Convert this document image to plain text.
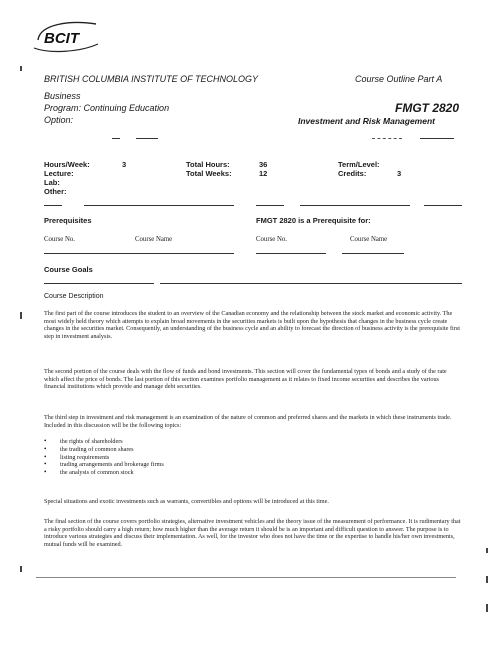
BCIT
BRITISH COLUMBIA INSTITUTE OF TECHNOLOGY	Course Outline Part A
Business
Program: Continuing Education
Option:
FMGT 2820
Investment and Risk Management
Hours/Week:	3
Lecture:
Lab:
Other:
Total Hours:	36
Total Weeks:	12
Term/Level:
Credits:	3
Prerequisites	FMGT 2820 is a Prerequisite for:
Course No.	Course Name	Course No.	Course Name
Course Goals
Course Description

The first part of the course introduces the student to an overview of the Canadian economy and the relationship between the stock market and economic activity. The most widely held theory which attempts to explain broad movements in the securities markets is built upon the hypothesis that changes in the business cycle create changes in the securities market. Consequently, an understanding of the business cycle and an ability to forecast the direction of business activity is the prerequisite first step in investment analysis.

The second portion of the course deals with the flow of funds and bond investments. This section will cover the fundamental types of bonds and a study of the rate which affect the price of bonds. The last portion of this section examines portfolio management as it relates to fixed income securities and describes the various financial institutions which provide and manage debt securities.

The third step in investment and risk management is an examination of the nature of common and preferred shares and the markets in which these instruments trade. Included in this discussion will be the following topics:

• the rights of shareholders
• the trading of common shares
• listing requirements
• trading arrangements and brokerage firms
• the analysis of common stock

Special situations and exotic investments such as warrants, convertibles and options will be introduced at this time.

The final section of the course covers portfolio strategies, alternative investment vehicles and the theory issue of the measurement of performance. It is rudimentary that a risky portfolio should carry a high return; how much higher than the average return it should be is an important and difficult question to answer. The purpose is to introduce various strategies and discuss their implementation. As well, for the investor who does not have the time or the expertise to handle his/her own investments, mutual funds will be examined.
